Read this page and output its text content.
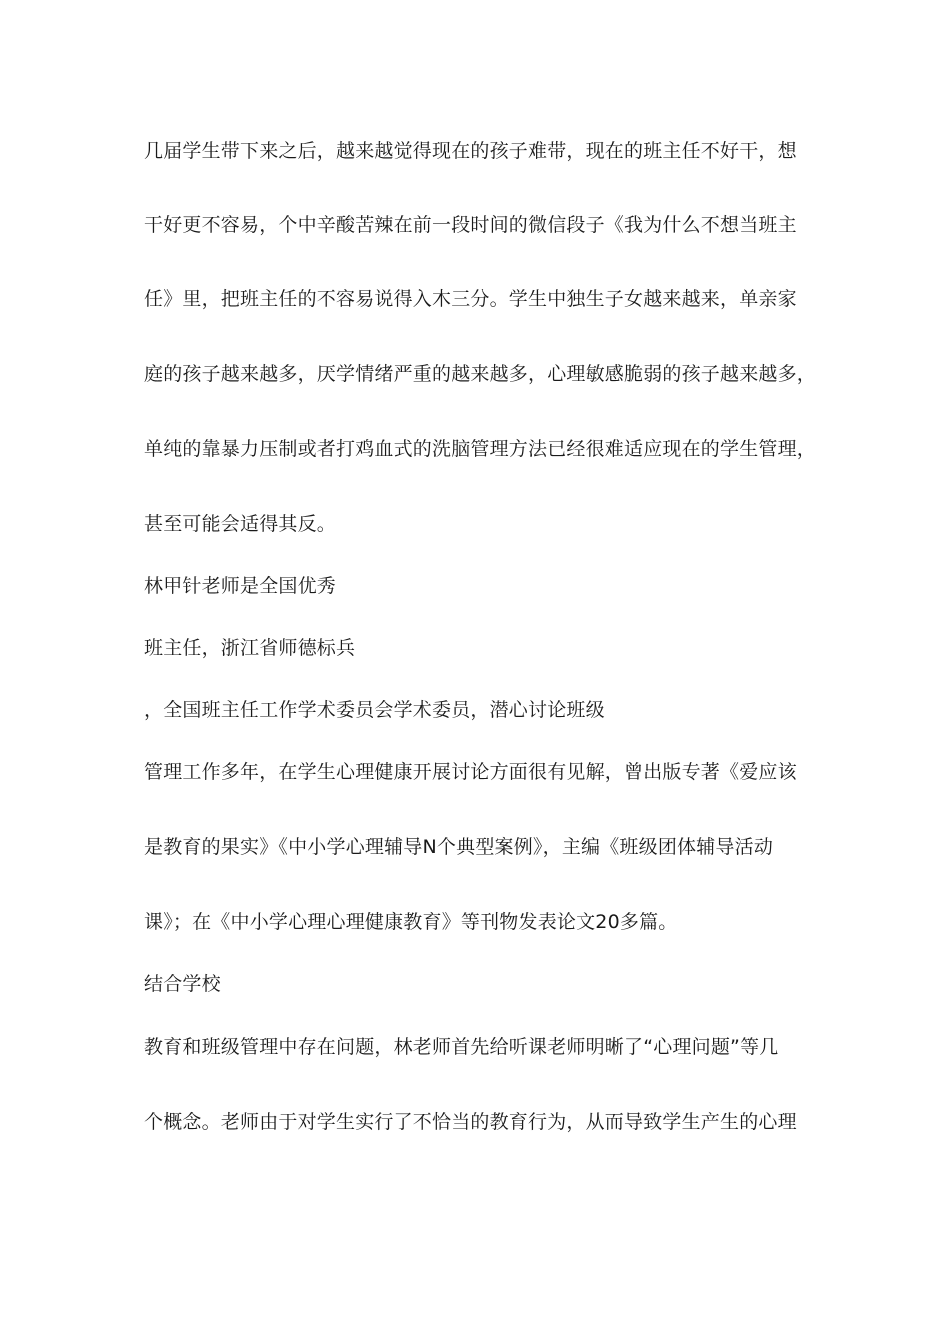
几届学生带下来之后，越来越觉得现在的孩子难带，现在的班主任不好干，想
干好更不容易，个中辛酸苦辣在前一段时间的微信段子《我为什么不想当班主
任》里，把班主任的不容易说得入木三分。学生中独生子女越来越来，单亲家
庭的孩子越来越多，厌学情绪严重的越来越多，心理敏感脆弱的孩子越来越多，
单纯的靠暴力压制或者打鸡血式的洗脑管理方法已经很难适应现在的学生管理，
甚至可能会适得其反。
林甲针老师是全国优秀
班主任，浙江省师德标兵
，全国班主任工作学术委员会学术委员，潜心讨论班级
管理工作多年，在学生心理健康开展讨论方面很有见解，曾出版专著《爱应该
是教育的果实》《中小学心理辅导N个典型案例》，主编《班级团体辅导活动
课》；在《中小学心理心理健康教育》等刊物发表论文20多篇。
结合学校
教育和班级管理中存在问题，林老师首先给听课老师明晰了“心理问题”等几
个概念。老师由于对学生实行了不恰当的教育行为，从而导致学生产生的心理
